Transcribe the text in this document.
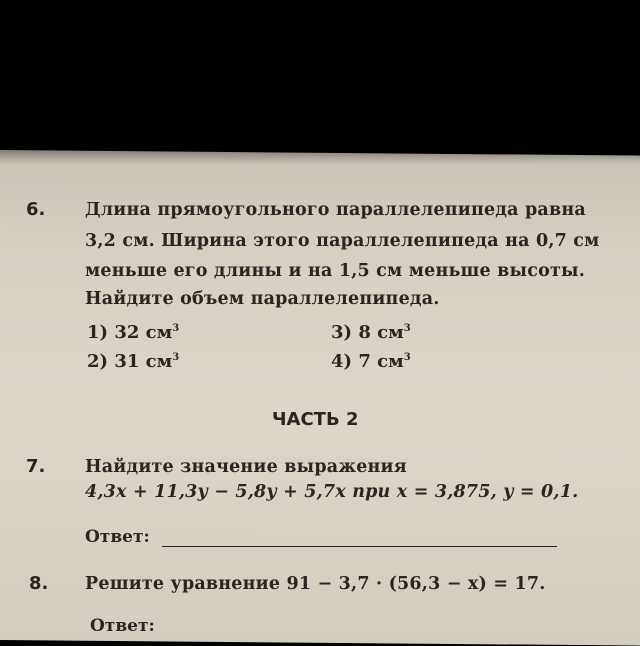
6. Длина прямоугольного параллелепипеда равна
3,2 см. Ширина этого параллелепипеда на 0,7 см
меньше его длины и на 1,5 см меньше высоты.
Найдите объем параллелепипеда.
1) 32 $см^3$
2) 31 $см^3$
3) 8 $см^3$
4) 7 $см^3$
ЧАСТЬ 2
7. Найдите значение выражения
4,3x + 11,3y − 5,8y + 5,7x при x = 3,875, y = 0,1.
Ответ:
8. Решите уравнение 91 − 3,7 · (56,3 − x) = 17.
Ответ:
